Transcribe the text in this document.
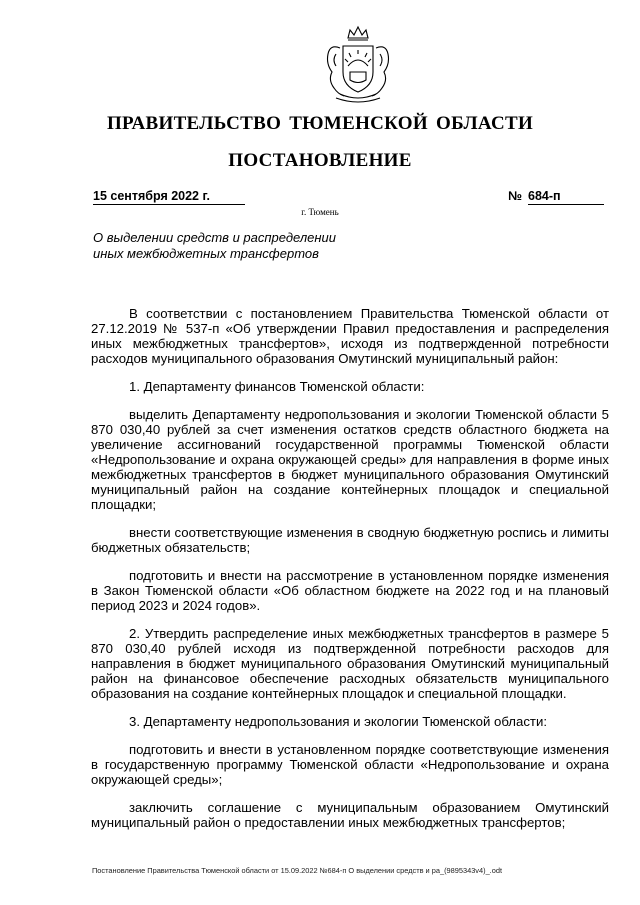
ПРАВИТЕЛЬСТВО ТЮМЕНСКОЙ ОБЛАСТИ
ПОСТАНОВЛЕНИЕ
15 сентября 2022 г.	№ 684-п
г. Тюмень
О выделении средств и распределении
иных межбюджетных трансфертов

В соответствии с постановлением Правительства Тюменской области от 27.12.2019 № 537-п «Об утверждении Правил предоставления и распределения иных межбюджетных трансфертов», исходя из подтвержденной потребности расходов муниципального образования Омутинский муниципальный район:

1. Департаменту финансов Тюменской области:

выделить Департаменту недропользования и экологии Тюменской области 5 870 030,40 рублей за счет изменения остатков средств областного бюджета на увеличение ассигнований государственной программы Тюменской области «Недропользование и охрана окружающей среды» для направления в форме иных межбюджетных трансфертов в бюджет муниципального образования Омутинский муниципальный район на создание контейнерных площадок и специальной площадки;

внести соответствующие изменения в сводную бюджетную роспись и лимиты бюджетных обязательств;

подготовить и внести на рассмотрение в установленном порядке изменения в Закон Тюменской области «Об областном бюджете на 2022 год и на плановый период 2023 и 2024 годов».

2. Утвердить распределение иных межбюджетных трансфертов в размере 5 870 030,40 рублей исходя из подтвержденной потребности расходов для направления в бюджет муниципального образования Омутинский муниципальный район на финансовое обеспечение расходных обязательств муниципального образования на создание контейнерных площадок и специальной площадки.

3. Департаменту недропользования и экологии Тюменской области:

подготовить и внести в установленном порядке соответствующие изменения в государственную программу Тюменской области «Недропользование и охрана окружающей среды»;

заключить соглашение с муниципальным образованием Омутинский муниципальный район о предоставлении иных межбюджетных трансфертов;

Постановление Правительства Тюменской области от 15.09.2022 №684-п О выделении средств и ра_(9895343v4)_.odt
